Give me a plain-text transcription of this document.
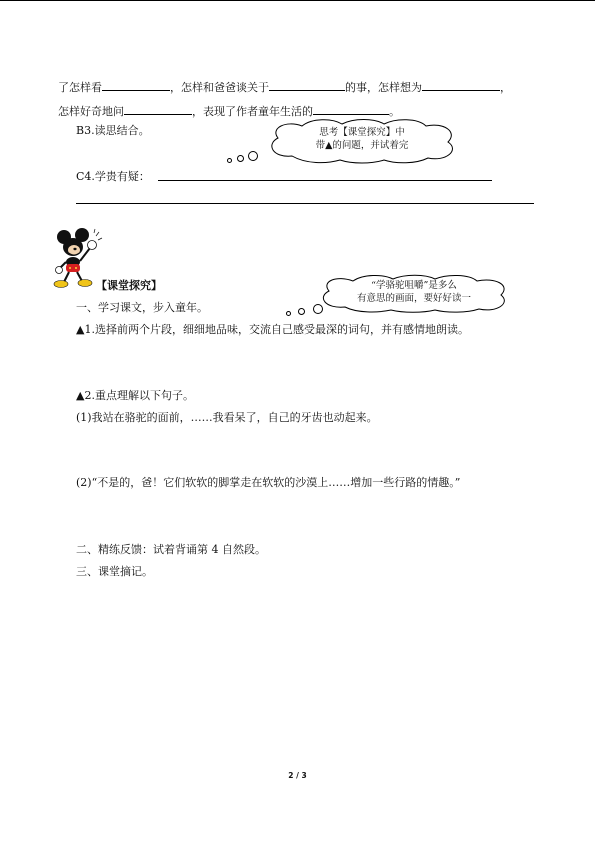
了怎样看	，怎样和爸爸谈关于	的事，怎样想为	，
怎样好奇地问	，表现了作者童年生活的	。
B3.读思结合。	思考【课堂探究】中
带▲的问题，并试着完
C4.学贵有疑：
【课堂探究】	“学骆驼咀嚼”是多么
有意思的画面，要好好读一
一、学习课文，步入童年。
▲1.选择前两个片段，细细地品味，交流自己感受最深的词句，并有感情地朗读。
▲2.重点理解以下句子。
(1)我站在骆驼的面前，……我看呆了，自己的牙齿也动起来。
(2)“不是的，爸！它们软软的脚掌走在软软的沙漠上……增加一些行路的情趣。”
二、精练反馈：试着背诵第 4 自然段。
三、课堂摘记。
2 / 3
